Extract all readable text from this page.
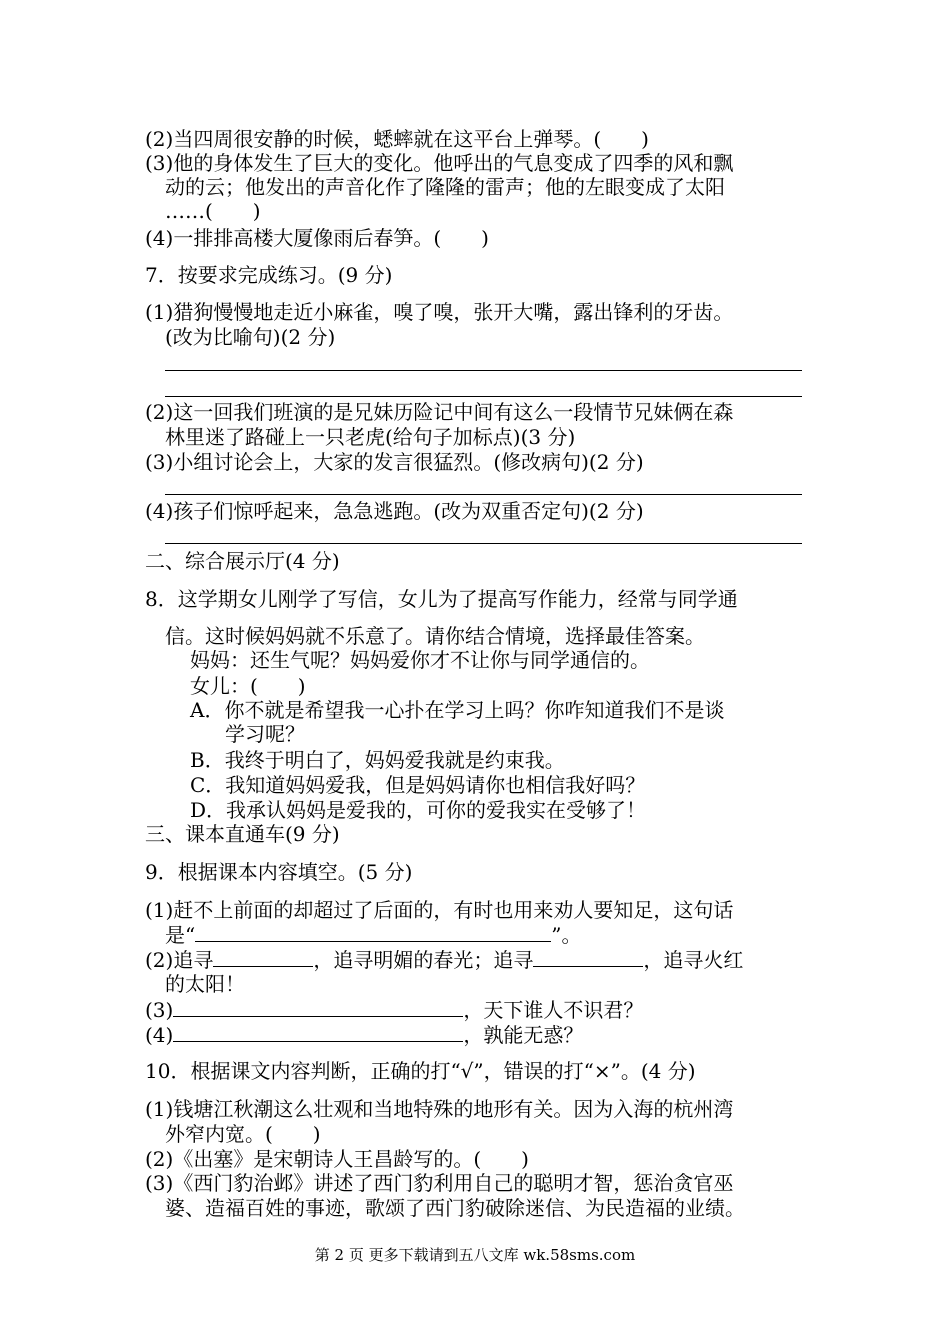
(2)当四周很安静的时候，蟋蟀就在这平台上弹琴。(　　)
(3)他的身体发生了巨大的变化。他呼出的气息变成了四季的风和飘
动的云；他发出的声音化作了隆隆的雷声；他的左眼变成了太阳
……(　　)
(4)一排排高楼大厦像雨后春笋。(　　)
7．按要求完成练习。(9 分)
(1)猎狗慢慢地走近小麻雀，嗅了嗅，张开大嘴，露出锋利的牙齿。
(改为比喻句)(2 分)
(2)这一回我们班演的是兄妹历险记中间有这么一段情节兄妹俩在森
林里迷了路碰上一只老虎(给句子加标点)(3 分)
(3)小组讨论会上，大家的发言很猛烈。(修改病句)(2 分)
(4)孩子们惊呼起来，急急逃跑。(改为双重否定句)(2 分)
二、综合展示厅(4 分)
8．这学期女儿刚学了写信，女儿为了提高写作能力，经常与同学通
信。这时候妈妈就不乐意了。请你结合情境，选择最佳答案。
妈妈：还生气呢？妈妈爱你才不让你与同学通信的。
女儿：(　　)
A．你不就是希望我一心扑在学习上吗？你咋知道我们不是谈
学习呢？
B．我终于明白了，妈妈爱我就是约束我。
C．我知道妈妈爱我，但是妈妈请你也相信我好吗？
D．我承认妈妈是爱我的，可你的爱我实在受够了！
三、课本直通车(9 分)
9．根据课本内容填空。(5 分)
(1)赶不上前面的却超过了后面的，有时也用来劝人要知足，这句话
是“	”。
(2)追寻	，追寻明媚的春光；追寻	，追寻火红
的太阳！
(3)	，天下谁人不识君？
(4)	，孰能无惑？
10．根据课文内容判断，正确的打“√”，错误的打“×”。(4 分)
(1)钱塘江秋潮这么壮观和当地特殊的地形有关。因为入海的杭州湾
外窄内宽。(　　)
(2)《出塞》是宋朝诗人王昌龄写的。(　　)
(3)《西门豹治邺》讲述了西门豹利用自己的聪明才智，惩治贪官巫
婆、造福百姓的事迹，歌颂了西门豹破除迷信、为民造福的业绩。
第 2 页 更多下载请到五八文库 wk.58sms.com
